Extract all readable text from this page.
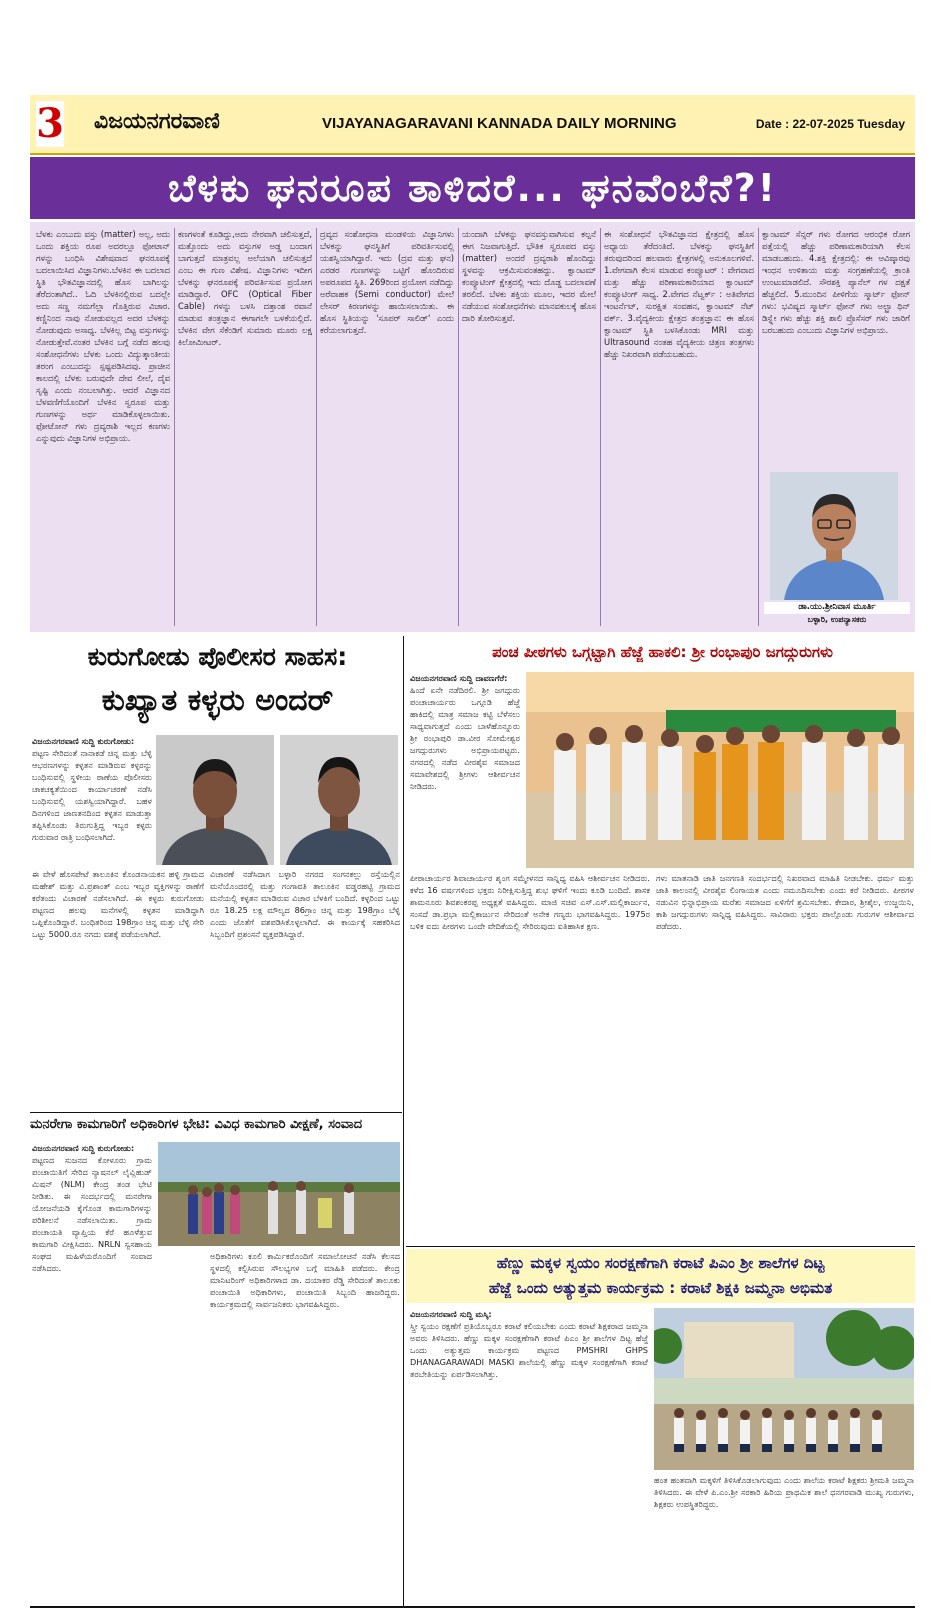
3 ವಿಜಯನಗರವಾಣಿ	VIJAYANAGARAVANI KANNADA DAILY MORNING	Date : 22-07-2025 Tuesday
ಬೆಳಕು ಘನರೂಪ ತಾಳಿದರೆ... ಘನವೆಂಬೆನೆ?!
ಬೆಳಕು ಎಂಬುದು ವಸ್ತು (matter) ಅಲ್ಲ, ಅದು ಒಂದು ಶಕ್ತಿಯ ರೂಪ ಅದರಲ್ಲೂ ಫೋಟಾನ್ ಗಳನ್ನು ಬಂಧಿಸಿ ವಿಶೇಷವಾದ ಘನರೂಪಕ್ಕೆ ಬದಲಾಯಿಸಿದ ವಿಜ್ಞಾನಿಗಳು.ಬೆಳಕಿನ ಈ ಬದಲಾದ ಸ್ಥಿತಿ ಭೌತವಿಜ್ಞಾನದಲ್ಲಿ ಹೊಸ ಬಾಗಿಲನ್ನು ತೆರೆದಂತಾಗಿದೆ.. ಓದಿ ಬೆಳಕಿನಲ್ಲಿರುವ ಬದಲ್ಲೇ ಅದು ಸಣ್ಣ ನಮಗೆಲ್ಲಾ ಗೊತ್ತಿರುವ ವಿಚಾರ. ಕಣ್ಣಿನಿಂದ ನಾವು ನೋಡುವಲ್ಲದ ಅದರ ಬೆಳಕನ್ನು ನೋಡುವುದು ಅಸಾಧ್ಯ. ಬೆಳಕಿಲ್ಲ ಬಿಟ್ಟ ವಸ್ತುಗಳನ್ನು ನೋಡುತ್ತೇವೆ.ನಂತರ ಬೆಳಕಿನ ಬಗ್ಗೆ ನಡೆದ ಹಲವು ಸಂಶೋಧನೆಗಳು ಬೆಳಕು ಒಂದು ವಿದ್ಯುತ್ಕಾಂತೀಯ ತರಂಗ ಎಂಬುದನ್ನು ಸ್ಪಷ್ಟಪಡಿಸಿದವು. ಪ್ರಾಚೀನ ಕಾಲದಲ್ಲಿ ಬೆಳಕು ಬರುವುದೇ ದೇವ ಲೀಲೆ, ದೈವ ಸೃಷ್ಟಿ ಎಂದು ನಂಬಲಾಗಿತ್ತು. ಆದರೆ ವಿಜ್ಞಾನದ ಬೆಳವಣಿಗೆಯೊಂದಿಗೆ ಬೆಳಕಿನ ಸ್ವರೂಪ ಮತ್ತು ಗುಣಗಳನ್ನು ಅರ್ಥ ಮಾಡಿಕೊಳ್ಳಲಾಯಿತು. ಫೋಟೋನ್ ಗಳು ದ್ರವ್ಯರಾಶಿ ಇಲ್ಲದ ಕಣಗಳು ಎನ್ನುವುದು ವಿಜ್ಞಾನಿಗಳ ಅಭಿಪ್ರಾಯ.
ಕಣಗಳಂತೆ ಕೂಡಿದ್ದು,ಅದು ನೇರವಾಗಿ ಚಲಿಸುತ್ತದೆ, ಮತ್ತೊಂದು ಅದು ವಸ್ತುಗಳ ಅಡ್ಡ ಬಂದಾಗ ಬಾಗುತ್ತದೆ ಮಾತ್ರವಲ್ಲ ಅಲೆಯಾಗಿ ಚಲಿಸುತ್ತದೆ ಎಂಬ ಈ ಗುಣ ವಿಶೇಷ. ವಿಜ್ಞಾನಿಗಳು ಇದೀಗ ಬೆಳಕನ್ನು ಘನರೂಪಕ್ಕೆ ಪರಿವರ್ತಿಸುವ ಪ್ರಯೋಗ ಮಾಡಿದ್ದಾರೆ. OFC (Optical Fiber Cable) ಗಳನ್ನು ಬಳಸಿ ದತ್ತಾಂಶ ರವಾನೆ ಮಾಡುವ ತಂತ್ರಜ್ಞಾನ ಈಗಾಗಲೇ ಬಳಕೆಯಲ್ಲಿದೆ. ಬೆಳಕಿನ ವೇಗ ಸೆಕೆಂಡಿಗೆ ಸುಮಾರು ಮೂರು ಲಕ್ಷ ಕಿಲೋಮೀಟರ್.
ದ್ರವ್ಯದ ಸಂಶೋಧನಾ ಮಂಡಳಿಯ ವಿಜ್ಞಾನಿಗಳು ಬೆಳಕನ್ನು ಘನಸ್ಥಿತಿಗೆ ಪರಿವರ್ತಿಸುವಲ್ಲಿ ಯಶಸ್ವಿಯಾಗಿದ್ದಾರೆ. ಇದು (ದ್ರವ ಮತ್ತು ಘನ) ಎರಡರ ಗುಣಗಳನ್ನು ಒಟ್ಟಿಗೆ ಹೊಂದಿರುವ ಅಪರೂಪದ ಸ್ಥಿತಿ. 269ರಿಂದ ಪ್ರಯೋಗ ನಡೆದಿದ್ದು ಅರೆವಾಹಕ (Semi conductor) ಮೇಲೆ ಲೇಸರ್ ಕಿರಣಗಳನ್ನು ಹಾಯಿಸಲಾಯಿತು. ಈ ಹೊಸ ಸ್ಥಿತಿಯನ್ನು 'ಸೂಪರ್ ಸಾಲಿಡ್' ಎಂದು ಕರೆಯಲಾಗುತ್ತದೆ.
ಯಂದಾಗಿ ಬೆಳಕನ್ನು ಘನವಸ್ತುವಾಗಿಸುವ ಕಲ್ಪನೆ ಈಗ ನಿಜವಾಗುತ್ತಿದೆ. ಭೌತಿಕ ಸ್ವರೂಪದ ವಸ್ತು (matter) ಅಂದರೆ ದ್ರವ್ಯರಾಶಿ ಹೊಂದಿದ್ದು ಸ್ಥಳವನ್ನು ಆಕ್ರಮಿಸುವಂತಹದ್ದು. ಕ್ವಾಂಟಮ್ ಕಂಪ್ಯೂಟಿಂಗ್ ಕ್ಷೇತ್ರದಲ್ಲಿ ಇದು ದೊಡ್ಡ ಬದಲಾವಣೆ ತರಲಿದೆ. ಬೆಳಕು ಶಕ್ತಿಯ ಮೂಲ, ಇದರ ಮೇಲೆ ನಡೆಯುವ ಸಂಶೋಧನೆಗಳು ಮಾನವಕುಲಕ್ಕೆ ಹೊಸ ದಾರಿ ತೋರಿಸುತ್ತವೆ.
ಈ ಸಂಶೋಧನೆ ಭೌತವಿಜ್ಞಾನದ ಕ್ಷೇತ್ರದಲ್ಲಿ ಹೊಸ ಅಧ್ಯಾಯ ತೆರೆದಂತಿದೆ. ಬೆಳಕನ್ನು ಘನಸ್ಥಿತಿಗೆ ತರುವುದರಿಂದ ಹಲವಾರು ಕ್ಷೇತ್ರಗಳಲ್ಲಿ ಅನುಕೂಲಗಳಿವೆ. 1.ವೇಗವಾಗಿ ಕೆಲಸ ಮಾಡುವ ಕಂಪ್ಯೂಟರ್ : ವೇಗವಾದ ಮತ್ತು ಹೆಚ್ಚು ಪರಿಣಾಮಕಾರಿಯಾದ ಕ್ವಾಂಟಮ್ ಕಂಪ್ಯೂಟಿಂಗ್ ಸಾಧ್ಯ. 2.ವೇಗದ ನೆಟ್ವರ್ಕ್ : ಅತಿವೇಗದ ಇಂಟರ್ನೆಟ್, ಸುರಕ್ಷಿತ ಸಂವಹನ, ಕ್ವಾಂಟಮ್ ನೆಟ್ ವರ್ಕ್. 3.ವೈದ್ಯಕೀಯ ಕ್ಷೇತ್ರದ ತಂತ್ರಜ್ಞಾನ: ಈ ಹೊಸ ಕ್ವಾಂಟಮ್ ಸ್ಥಿತಿ ಬಳಸಿಕೊಂಡು MRI ಮತ್ತು Ultrasound ನಂತಹ ವೈದ್ಯಕೀಯ ಚಿತ್ರಣ ತಂತ್ರಗಳು ಹೆಚ್ಚು ನಿಖರವಾಗಿ ಪಡೆಯಬಹುದು.
ಕ್ವಾಂಟಮ್ ಸೆನ್ಸರ್ ಗಳು ರೋಗದ ಆರಂಭಿಕ ರೋಗ ಪತ್ತೆಯಲ್ಲಿ ಹೆಚ್ಚು ಪರಿಣಾಮಕಾರಿಯಾಗಿ ಕೆಲಸ ಮಾಡಬಹುದು. 4.ಶಕ್ತಿ ಕ್ಷೇತ್ರದಲ್ಲಿ: ಈ ಆವಿಷ್ಕಾರವು ಇಂಧನ ಉಳಿತಾಯ ಮತ್ತು ಸಂಗ್ರಹಣೆಯಲ್ಲಿ ಕ್ರಾಂತಿ ಉಂಟುಮಾಡಲಿದೆ. ಸೌರಶಕ್ತಿ ಪ್ಯಾನೆಲ್ ಗಳ ದಕ್ಷತೆ ಹೆಚ್ಚಲಿದೆ. 5.ಮುಂದಿನ ಪೀಳಿಗೆಯ ಸ್ಮಾರ್ಟ್ ಫೋನ್ ಗಳು: ಭವಿಷ್ಯದ ಸ್ಮಾರ್ಟ್ ಫೋನ್ ಗಳು ಅಲ್ಟ್ರಾ ಥಿನ್ ಡಿಸ್ಪ್ಲೇ ಗಳು ಹೆಚ್ಚು ಶಕ್ತಿ ಶಾಲಿ ಪ್ರೊಸೆಸರ್ ಗಳು ಜಾರಿಗೆ ಬರಬಹುದು ಎಂಬುದು ವಿಜ್ಞಾನಿಗಳ ಅಭಿಪ್ರಾಯ.
ಡಾ.ಯು.ಶ್ರೀನಿವಾಸ ಮೂರ್ತಿ
ಬಳ್ಳಾರಿ, ಉಪನ್ಯಾಸಕರು
ಕುರುಗೋಡು ಪೊಲೀಸರ ಸಾಹಸ:
ಕುಖ್ಯಾತ ಕಳ್ಳರು ಅಂದರ್
ವಿಜಯನಗರವಾಣಿ ಸುದ್ದಿ ಕುರುಗೋಡು:
ಪಟ್ಟಣ ಸೇರಿದಂತೆ ನಾನಾಕಡೆ ಚಿನ್ನ ಮತ್ತು ಬೆಳ್ಳಿ ಆಭರಣಗಳನ್ನು ಕಳ್ಳತನ ಮಾಡಿರುವ ಕಳ್ಳರನ್ನು ಬಂಧಿಸುವಲ್ಲಿ ಸ್ಥಳೀಯ ಠಾಣೆಯ ಪೊಲೀಸರು ಚಾಕಚಕ್ಯತೆಯಿಂದ ಕಾರ್ಯಾಚರಣೆ ನಡೆಸಿ ಬಂಧಿಸುವಲ್ಲಿ ಯಶಸ್ವಿಯಾಗಿದ್ದಾರೆ. ಬಹಳ ದಿನಗಳಿಂದ ಜಾಣತನದಿಂದ ಕಳ್ಳತನ ಮಾಡುತ್ತಾ ತಪ್ಪಿಸಿಕೊಂಡು ತಿರುಗುತ್ತಿದ್ದ ಇಬ್ಬರ ಕಳ್ಳರು ಗುರುವಾರ ರಾತ್ರಿ ಬಂಧಿಸಲಾಗಿದೆ.
ಈ ವೇಳೆ ಹೊಸಪೇಟೆ ತಾಲೂಕಿನ ಕೊಂಡನಾಯಕನ ಹಳ್ಳಿ ಗ್ರಾಮದ ಮಹೇಶ್ ಮತ್ತು ವಿ.ಪ್ರಶಾಂತ್ ಎಂಬ ಇಬ್ಬರ ವ್ಯಕ್ತಿಗಳನ್ನು ಠಾಣೆಗೆ ಕರೆತಂದು ವಿಚಾರಣೆ ನಡೆಸಲಾಗಿದೆ. ಈ ಕಳ್ಳರು ಕುರುಗೋಡು ಪಟ್ಟಣದ ಹಲವು ಮನೆಗಳಲ್ಲಿ ಕಳ್ಳತನ ಮಾಡಿದ್ದಾಗಿ ಒಪ್ಪಿಕೊಂಡಿದ್ದಾರೆ. ಬಂಧಿತರಿಂದ 198ಗ್ರಾಂ ಚಿನ್ನ ಮತ್ತು ಬೆಳ್ಳಿ ಸೇರಿ ಒಟ್ಟು 5000.ರೂ ನಗದು ವಶಕ್ಕೆ ಪಡೆಯಲಾಗಿದೆ.
ವಿಚಾರಣೆ ನಡೆಸಿದಾಗ ಬಳ್ಳಾರಿ ನಗರದ ಸಂಗನಕಲ್ಲು ರಸ್ತೆಯಲ್ಲಿನ ಮನೆಯೊಂದರಲ್ಲಿ ಮತ್ತು ಗಂಗಾವತಿ ತಾಲೂಕಿನ ವಡ್ಡರಹಟ್ಟಿ ಗ್ರಾಮದ ಮನೆಯಲ್ಲಿ ಕಳ್ಳತನ ಮಾಡಿರುವ ವಿಚಾರ ಬೆಳಕಿಗೆ ಬಂದಿದೆ. ಕಳ್ಳರಿಂದ ಒಟ್ಟು ರೂ 18.25 ಲಕ್ಷ ಮೌಲ್ಯದ 86ಗ್ರಾಂ ಚಿನ್ನ ಮತ್ತು 198ಗ್ರಾಂ ಬೆಳ್ಳಿ ಎಂದು ಜೊತೆಗೆ ವಶಪಡಿಸಿಕೊಳ್ಳಲಾಗಿದೆ. ಈ ಕಾರ್ಯಕ್ಕೆ ಸಹಕರಿಸಿದ ಸಿಬ್ಬಂದಿಗೆ ಪ್ರಶಂಸನೆ ವ್ಯಕ್ತಪಡಿಸಿದ್ದಾರೆ.
ಮನರೇಗಾ ಕಾಮಗಾರಿಗೆ ಅಧಿಕಾರಿಗಳ ಭೇಟಿ: ವಿವಿಧ ಕಾಮಗಾರಿ ವೀಕ್ಷಣೆ, ಸಂವಾದ
ವಿಜಯನಗರವಾಣಿ ಸುದ್ದಿ ಕುರುಗೋಡು:
ಪಟ್ಟಣದ ಸುಜನದ ಕೋಳೂರು ಗ್ರಾಮ ಪಂಚಾಯಿತಿಗೆ ಸೇರಿದ ನ್ಯಾಷನಲ್ ಲೈವ್ಲಿಹುಡ್ ಮಿಷನ್ (NLM) ಕೇಂದ್ರ ತಂಡ ಭೇಟಿ ನೀಡಿತು. ಈ ಸಂದರ್ಭದಲ್ಲಿ ಮನರೇಗಾ ಯೋಜನೆಯಡಿ ಕೈಗೊಂಡ ಕಾಮಗಾರಿಗಳನ್ನು ಪರಿಶೀಲನೆ ನಡೆಸಲಾಯಿತು. ಗ್ರಾಮ ಪಂಚಾಯತಿ ವ್ಯಾಪ್ತಿಯ ಕೆರೆ ಹೂಳೆತ್ತುವ ಕಾಮಗಾರಿ ವೀಕ್ಷಿಸಿದರು. NRLN ಸ್ವಸಹಾಯ ಸಂಘದ ಮಹಿಳೆಯರೊಂದಿಗೆ ಸಂವಾದ ನಡೆಸಿದರು.
ಅಧಿಕಾರಿಗಳು ಕೂಲಿ ಕಾರ್ಮಿಕರೊಂದಿಗೆ ಸಮಾಲೋಚನೆ ನಡೆಸಿ ಕೆಲಸದ ಸ್ಥಳದಲ್ಲಿ ಕಲ್ಪಿಸಿರುವ ಸೌಲಭ್ಯಗಳ ಬಗ್ಗೆ ಮಾಹಿತಿ ಪಡೆದರು. ಕೇಂದ್ರ ಮಾನಿಟರಿಂಗ್ ಅಧಿಕಾರಿಗಳಾದ ಡಾ. ದಯಾಕರ ರೆಡ್ಡಿ ಸೇರಿದಂತೆ ತಾಲೂಕು ಪಂಚಾಯಿತಿ ಅಧಿಕಾರಿಗಳು, ಪಂಚಾಯಿತಿ ಸಿಬ್ಬಂದಿ ಹಾಜರಿದ್ದರು. ಕಾರ್ಯಕ್ರಮದಲ್ಲಿ ಸಾರ್ವಜನಿಕರು ಭಾಗವಹಿಸಿದ್ದರು.
ಪಂಚ ಪೀಠಗಳು ಒಗ್ಗಟ್ಟಾಗಿ ಹೆಜ್ಜೆ ಹಾಕಲಿ: ಶ್ರೀ ರಂಭಾಪುರಿ ಜಗದ್ಗುರುಗಳು
ವಿಜಯನಗರವಾಣಿ ಸುದ್ದಿ ದಾವಣಗೆರೆ:
ಹಿಂದೆ ಏನೇ ನಡೆದಿರಲಿ. ಶ್ರೀ ಜಗದ್ಗುರು ಪಂಚಾಚಾರ್ಯರು ಒಗ್ಗೂಡಿ ಹೆಜ್ಜೆ ಹಾಕಿದಲ್ಲಿ ಮಾತ್ರ ಸಮಾಜ ಕಟ್ಟಿ ಬೆಳೆಸಲು ಸಾಧ್ಯವಾಗುತ್ತದೆ ಎಂದು ಬಾಳೆಹೊನ್ನೂರು ಶ್ರೀ ರಂಭಾಪುರಿ ಡಾ.ವೀರ ಸೋಮೇಶ್ವರ ಜಗದ್ಗುರುಗಳು ಅಭಿಪ್ರಾಯಪಟ್ಟರು. ನಗರದಲ್ಲಿ ನಡೆದ ವೀರಶೈವ ಸಮಾಜದ ಸಮಾವೇಶದಲ್ಲಿ ಶ್ರೀಗಳು ಆಶೀರ್ವಚನ ನೀಡಿದರು.
ಪೀಠಾಚಾರ್ಯರ ಶಿವಾಚಾರ್ಯರ ಶೃಂಗ ಸಮ್ಮೇಳನದ ಸಾನ್ನಿಧ್ಯ ವಹಿಸಿ ಆಶೀರ್ವಚನ ನೀಡಿದರು. ಕಳೆದ 16 ವರ್ಷಗಳಿಂದ ಭಕ್ತರು ನಿರೀಕ್ಷಿಸುತ್ತಿದ್ದ ಶುಭ ಘಳಿಗೆ ಇಂದು ಕೂಡಿ ಬಂದಿದೆ. ಶಾಸಕ ಶಾಮನೂರು ಶಿವಶಂಕರಪ್ಪ ಅಧ್ಯಕ್ಷತೆ ವಹಿಸಿದ್ದರು. ಮಾಜಿ ಸಚಿವ ಎಸ್.ಎಸ್.ಮಲ್ಲಿಕಾರ್ಜುನ, ಸಂಸದೆ ಡಾ.ಪ್ರಭಾ ಮಲ್ಲಿಕಾರ್ಜುನ ಸೇರಿದಂತೆ ಅನೇಕ ಗಣ್ಯರು ಭಾಗವಹಿಸಿದ್ದರು. 1975ರ ಬಳಿಕ ಐದು ಪೀಠಗಳು ಒಂದೇ ವೇದಿಕೆಯಲ್ಲಿ ಸೇರಿರುವುದು ಐತಿಹಾಸಿಕ ಕ್ಷಣ.
ಗಳು ಮಾತನಾಡಿ ಜಾತಿ ಜನಗಣತಿ ಸಂದರ್ಭದಲ್ಲಿ ನಿಖರವಾದ ಮಾಹಿತಿ ನೀಡಬೇಕು. ಧರ್ಮ ಮತ್ತು ಜಾತಿ ಕಾಲಂನಲ್ಲಿ ವೀರಶೈವ ಲಿಂಗಾಯತ ಎಂದು ನಮೂದಿಸಬೇಕು ಎಂದು ಕರೆ ನೀಡಿದರು. ಪೀಠಗಳ ನಡುವಿನ ಭಿನ್ನಾಭಿಪ್ರಾಯ ಮರೆತು ಸಮಾಜದ ಏಳಿಗೆಗೆ ಶ್ರಮಿಸಬೇಕು. ಕೇದಾರ, ಶ್ರೀಶೈಲ, ಉಜ್ಜಯಿನಿ, ಕಾಶಿ ಜಗದ್ಗುರುಗಳು ಸಾನ್ನಿಧ್ಯ ವಹಿಸಿದ್ದರು. ಸಾವಿರಾರು ಭಕ್ತರು ಪಾಲ್ಗೊಂಡು ಗುರುಗಳ ಆಶೀರ್ವಾದ ಪಡೆದರು.
ಹೆಣ್ಣು ಮಕ್ಕಳ ಸ್ವಯಂ ಸಂರಕ್ಷಣೆಗಾಗಿ ಕರಾಟೆ ಪಿಎಂ ಶ್ರೀ ಶಾಲೆಗಳ ದಿಟ್ಟ
ಹೆಜ್ಜೆ ಒಂದು ಅತ್ಯುತ್ತಮ ಕಾರ್ಯಕ್ರಮ : ಕರಾಟೆ ಶಿಕ್ಷಕಿ ಜಮ್ಮನಾ ಅಭಿಮತ
ವಿಜಯನಗರವಾಣಿ ಸುದ್ದಿ ಮಸ್ಕಿ:
ಸ್ತ್ರೀ ಸ್ವಯಂ ರಕ್ಷಣೆಗೆ ಪ್ರತಿಯೊಬ್ಬರೂ ಕರಾಟೆ ಕಲಿಯಬೇಕು ಎಂದು ಕರಾಟೆ ಶಿಕ್ಷಕರಾದ ಜಮ್ಮನಾ ಅವರು ತಿಳಿಸಿದರು. ಹೆಣ್ಣು ಮಕ್ಕಳ ಸಂರಕ್ಷಣೆಗಾಗಿ ಕರಾಟೆ ಪಿಎಂ ಶ್ರೀ ಶಾಲೆಗಳ ದಿಟ್ಟ ಹೆಜ್ಜೆ ಒಂದು ಅತ್ಯುತ್ತಮ ಕಾರ್ಯಕ್ರಮ ಪಟ್ಟಣದ PMSHRI GHPS DHANAGARAWADI MASKI ಶಾಲೆಯಲ್ಲಿ ಹೆಣ್ಣು ಮಕ್ಕಳ ಸಂರಕ್ಷಣೆಗಾಗಿ ಕರಾಟೆ ತರಬೇತಿಯನ್ನು ಏರ್ಪಡಿಸಲಾಗಿತ್ತು.
ಹಂತ ಹಂತವಾಗಿ ಮಕ್ಕಳಿಗೆ ತಿಳಿಸಿಕೊಡಲಾಗುವುದು ಎಂದು ಶಾಲೆಯ ಕರಾಟೆ ಶಿಕ್ಷಕರು ಶ್ರೀಮತಿ ಜಮ್ಮನಾ ತಿಳಿಸಿದರು. ಈ ವೇಳೆ ಪಿ.ಎಂ.ಶ್ರೀ ಸರಕಾರಿ ಹಿರಿಯ ಪ್ರಾಥಮಿಕ ಶಾಲೆ ಧನಗರವಾಡಿ ಮುಖ್ಯ ಗುರುಗಳು, ಶಿಕ್ಷಕರು ಉಪಸ್ಥಿತರಿದ್ದರು.
